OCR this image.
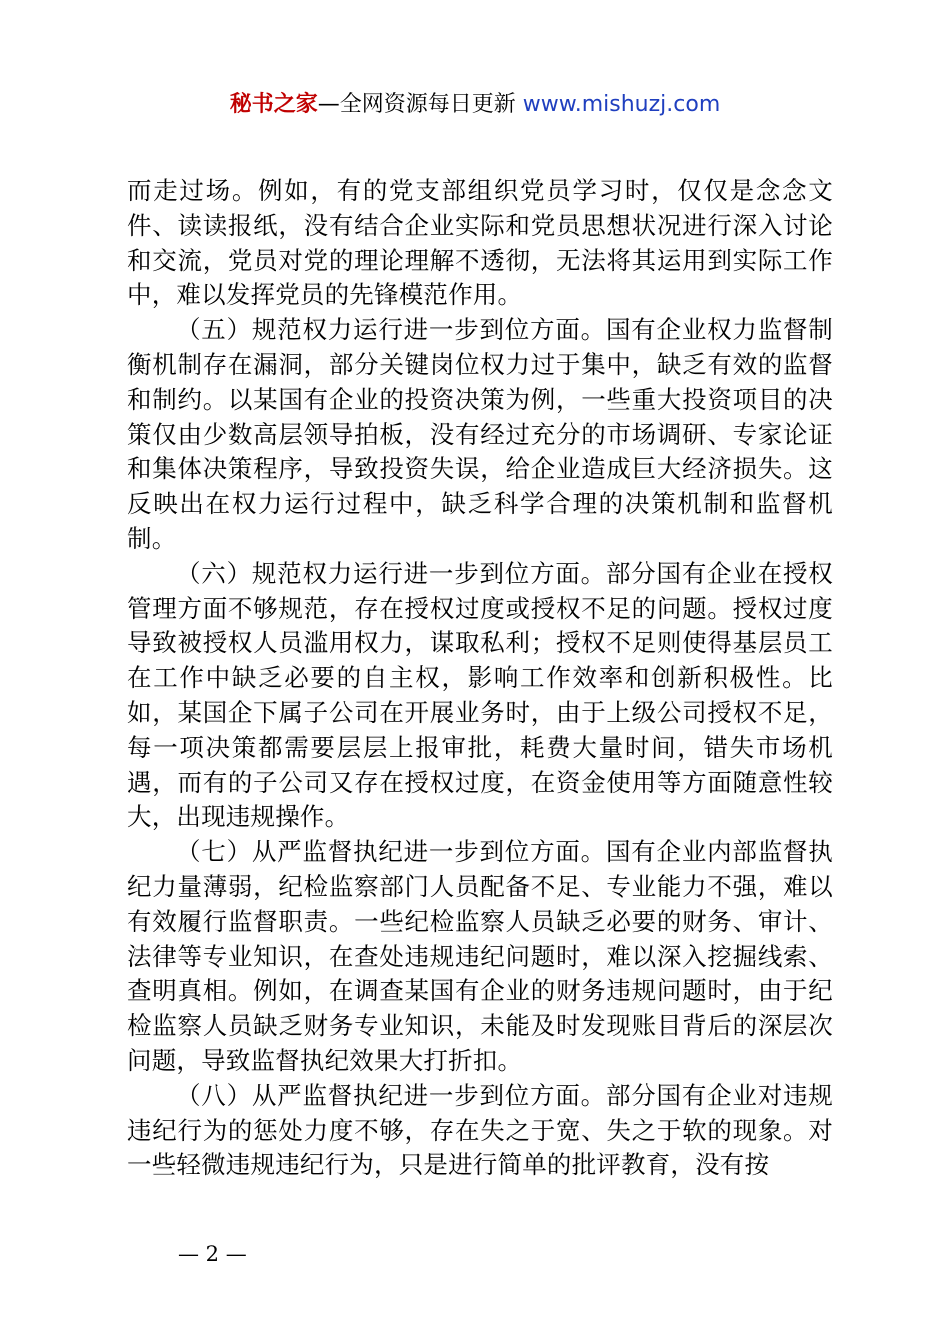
秘书之家—全网资源每日更新 www.mishuzj.com

而走过场。例如，有的党支部组织党员学习时，仅仅是念念文件、读读报纸，没有结合企业实际和党员思想状况进行深入讨论和交流，党员对党的理论理解不透彻，无法将其运用到实际工作中，难以发挥党员的先锋模范作用。

（五）规范权力运行进一步到位方面。国有企业权力监督制衡机制存在漏洞，部分关键岗位权力过于集中，缺乏有效的监督和制约。以某国有企业的投资决策为例，一些重大投资项目的决策仅由少数高层领导拍板，没有经过充分的市场调研、专家论证和集体决策程序，导致投资失误，给企业造成巨大经济损失。这反映出在权力运行过程中，缺乏科学合理的决策机制和监督机制。

（六）规范权力运行进一步到位方面。部分国有企业在授权管理方面不够规范，存在授权过度或授权不足的问题。授权过度导致被授权人员滥用权力，谋取私利；授权不足则使得基层员工在工作中缺乏必要的自主权，影响工作效率和创新积极性。比如，某国企下属子公司在开展业务时，由于上级公司授权不足，每一项决策都需要层层上报审批，耗费大量时间，错失市场机遇，而有的子公司又存在授权过度，在资金使用等方面随意性较大，出现违规操作。

（七）从严监督执纪进一步到位方面。国有企业内部监督执纪力量薄弱，纪检监察部门人员配备不足、专业能力不强，难以有效履行监督职责。一些纪检监察人员缺乏必要的财务、审计、法律等专业知识，在查处违规违纪问题时，难以深入挖掘线索、查明真相。例如，在调查某国有企业的财务违规问题时，由于纪检监察人员缺乏财务专业知识，未能及时发现账目背后的深层次问题，导致监督执纪效果大打折扣。

（八）从严监督执纪进一步到位方面。部分国有企业对违规违纪行为的惩处力度不够，存在失之于宽、失之于软的现象。对一些轻微违规违纪行为，只是进行简单的批评教育，没有按

— 2 —
